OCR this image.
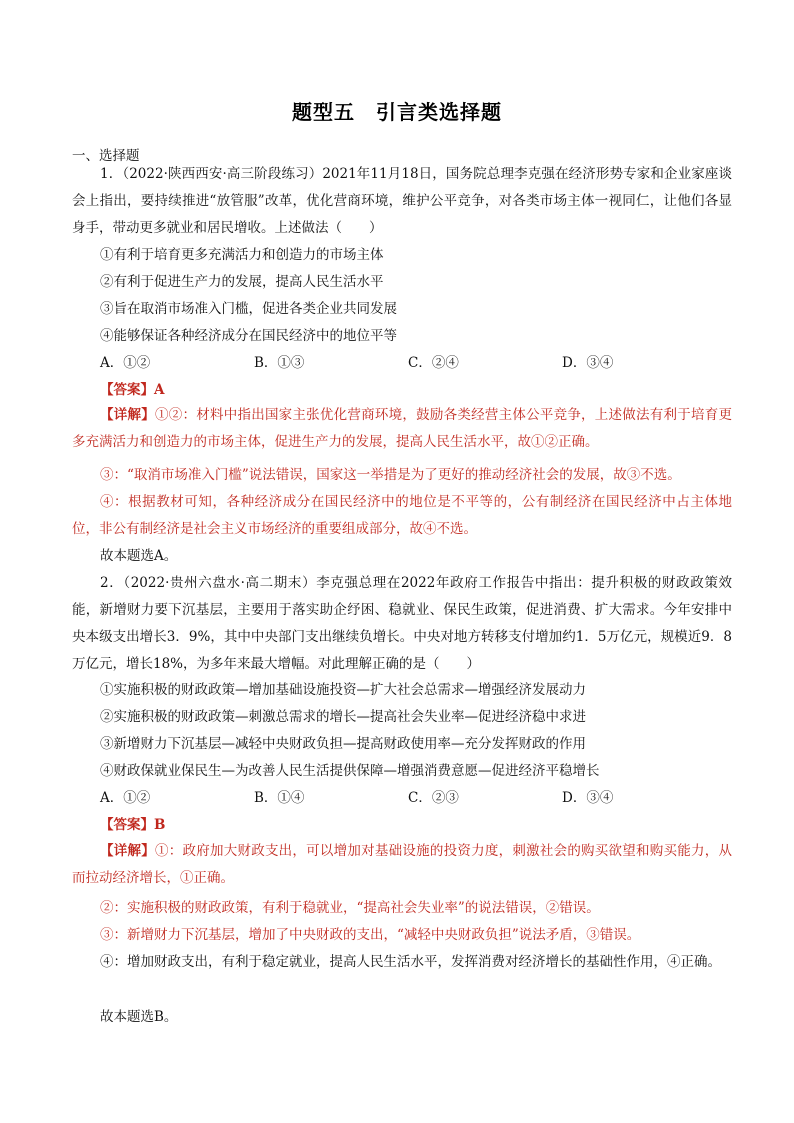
题型五　引言类选择题
一、选择题
1．（2022·陕西西安·高三阶段练习）2021年11月18日，国务院总理李克强在经济形势专家和企业家座谈会上指出，要持续推进“放管服”改革，优化营商环境，维护公平竞争，对各类市场主体一视同仁，让他们各显身手，带动更多就业和居民增收。上述做法（　　）
①有利于培育更多充满活力和创造力的市场主体
②有利于促进生产力的发展，提高人民生活水平
③旨在取消市场准入门槛，促进各类企业共同发展
④能够保证各种经济成分在国民经济中的地位平等
A．①②	B．①③	C．②④	D．③④
【答案】A
【详解】①②：材料中指出国家主张优化营商环境，鼓励各类经营主体公平竞争，上述做法有利于培育更多充满活力和创造力的市场主体，促进生产力的发展，提高人民生活水平，故①②正确。
③：“取消市场准入门槛”说法错误，国家这一举措是为了更好的推动经济社会的发展，故③不选。
④：根据教材可知，各种经济成分在国民经济中的地位是不平等的，公有制经济在国民经济中占主体地位，非公有制经济是社会主义市场经济的重要组成部分，故④不选。
故本题选A。
2．（2022·贵州六盘水·高二期末）李克强总理在2022年政府工作报告中指出：提升积极的财政政策效能，新增财力要下沉基层，主要用于落实助企纾困、稳就业、保民生政策，促进消费、扩大需求。今年安排中央本级支出增长3．9%，其中中央部门支出继续负增长。中央对地方转移支付增加约1．5万亿元，规模近9．8万亿元，增长18%，为多年来最大增幅。对此理解正确的是（　　）
①实施积极的财政政策—增加基础设施投资—扩大社会总需求—增强经济发展动力
②实施积极的财政政策—刺激总需求的增长—提高社会失业率—促进经济稳中求进
③新增财力下沉基层—减轻中央财政负担—提高财政使用率—充分发挥财政的作用
④财政保就业保民生—为改善人民生活提供保障—增强消费意愿—促进经济平稳增长
A．①②	B．①④	C．②③	D．③④
【答案】B
【详解】①：政府加大财政支出，可以增加对基础设施的投资力度，刺激社会的购买欲望和购买能力，从而拉动经济增长，①正确。
②：实施积极的财政政策，有利于稳就业，“提高社会失业率”的说法错误，②错误。
③：新增财力下沉基层，增加了中央财政的支出，“减轻中央财政负担”说法矛盾，③错误。
④：增加财政支出，有利于稳定就业，提高人民生活水平，发挥消费对经济增长的基础性作用，④正确。
故本题选B。
